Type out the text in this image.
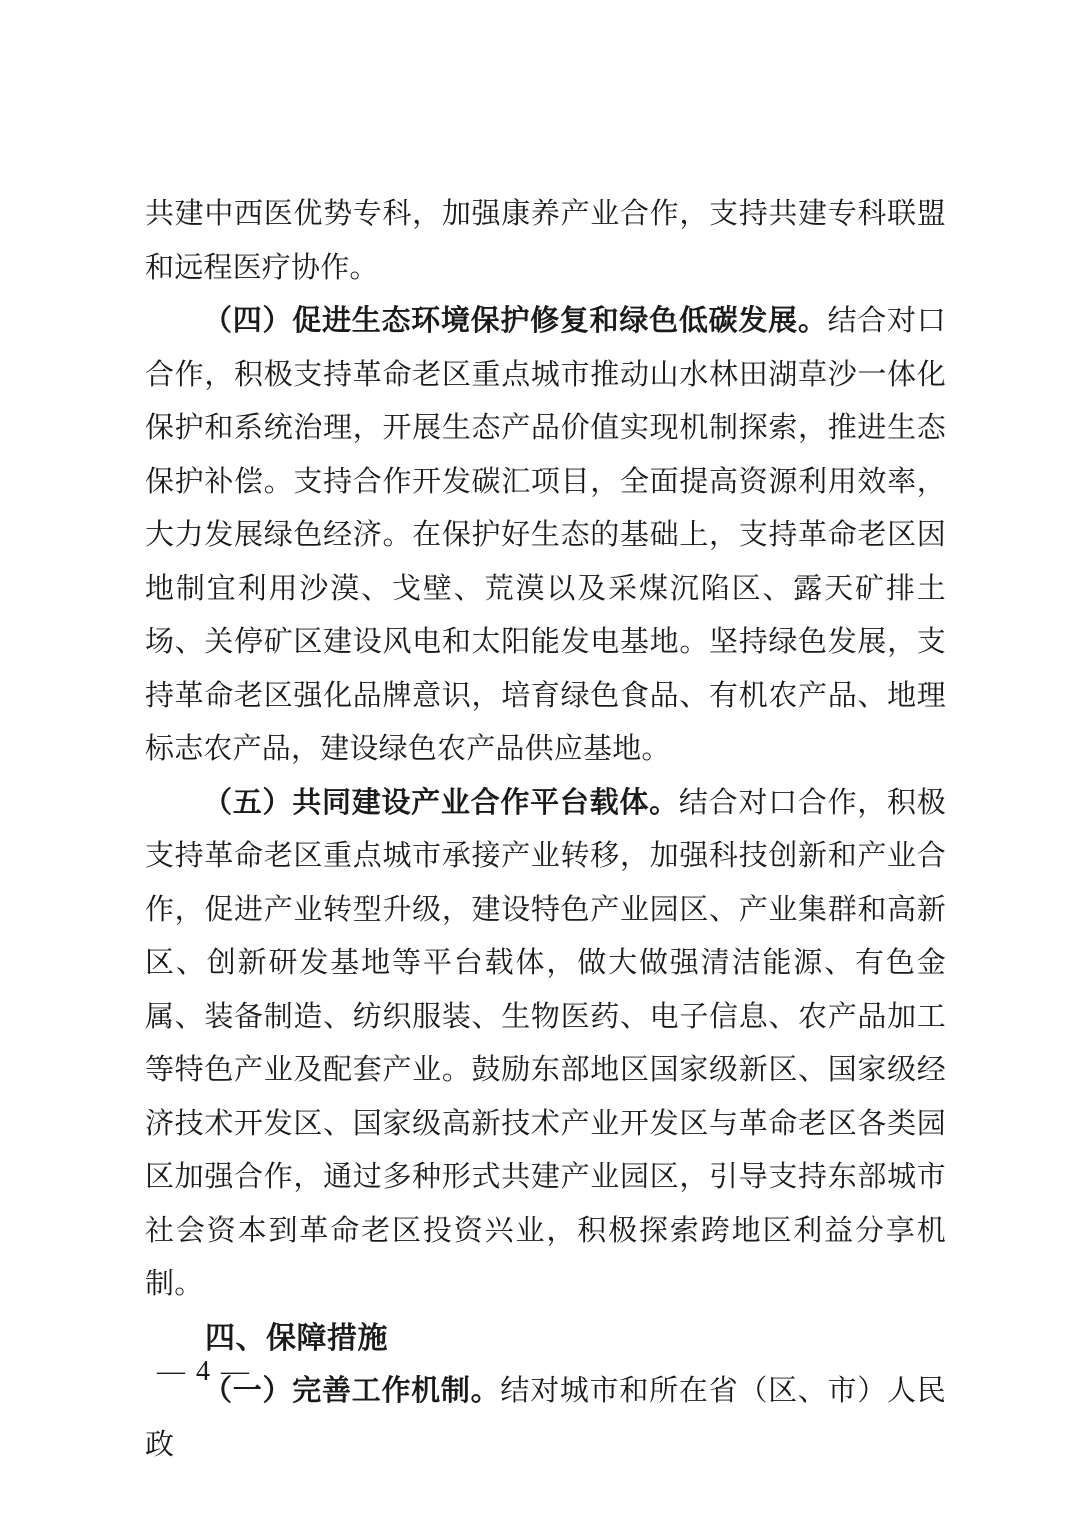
共建中西医优势专科，加强康养产业合作，支持共建专科联盟和远程医疗协作。

（四）促进生态环境保护修复和绿色低碳发展。结合对口合作，积极支持革命老区重点城市推动山水林田湖草沙一体化保护和系统治理，开展生态产品价值实现机制探索，推进生态保护补偿。支持合作开发碳汇项目，全面提高资源利用效率，大力发展绿色经济。在保护好生态的基础上，支持革命老区因地制宜利用沙漠、戈壁、荒漠以及采煤沉陷区、露天矿排土场、关停矿区建设风电和太阳能发电基地。坚持绿色发展，支持革命老区强化品牌意识，培育绿色食品、有机农产品、地理标志农产品，建设绿色农产品供应基地。

（五）共同建设产业合作平台载体。结合对口合作，积极支持革命老区重点城市承接产业转移，加强科技创新和产业合作，促进产业转型升级，建设特色产业园区、产业集群和高新区、创新研发基地等平台载体，做大做强清洁能源、有色金属、装备制造、纺织服装、生物医药、电子信息、农产品加工等特色产业及配套产业。鼓励东部地区国家级新区、国家级经济技术开发区、国家级高新技术产业开发区与革命老区各类园区加强合作，通过多种形式共建产业园区，引导支持东部城市社会资本到革命老区投资兴业，积极探索跨地区利益分享机制。

四、保障措施

（一）完善工作机制。结对城市和所在省（区、市）人民政

— 4 —
